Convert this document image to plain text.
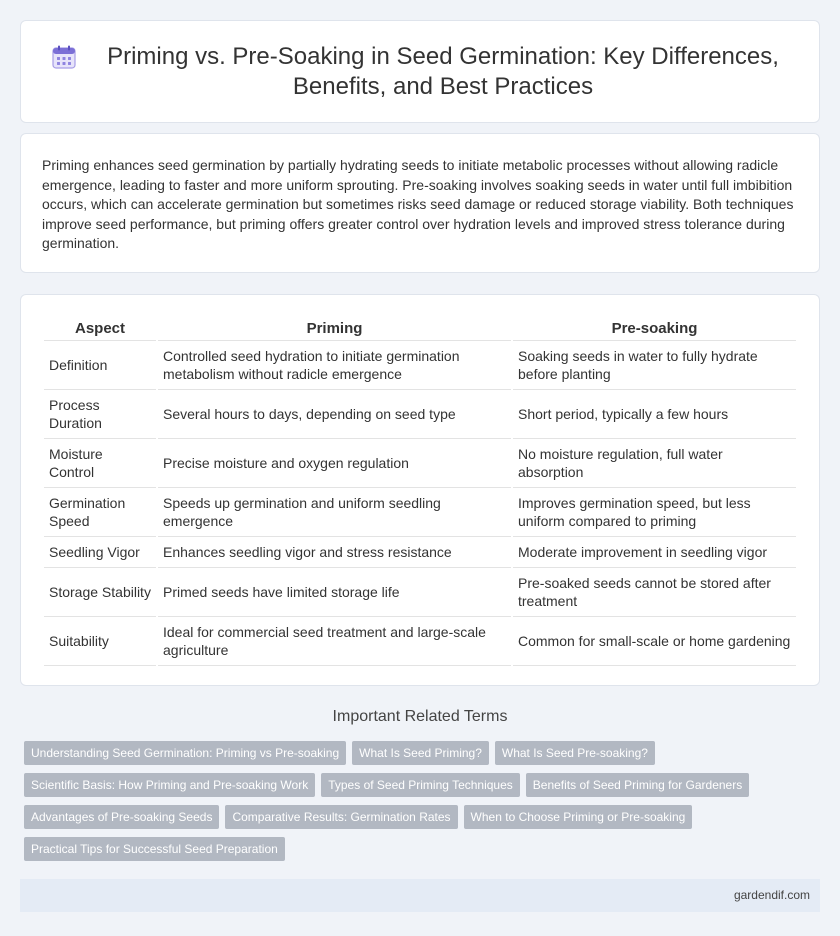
Priming vs. Pre-Soaking in Seed Germination: Key Differences, Benefits, and Best Practices

Priming enhances seed germination by partially hydrating seeds to initiate metabolic processes without allowing radicle emergence, leading to faster and more uniform sprouting. Pre-soaking involves soaking seeds in water until full imbibition occurs, which can accelerate germination but sometimes risks seed damage or reduced storage viability. Both techniques improve seed performance, but priming offers greater control over hydration levels and improved stress tolerance during germination.

Aspect	Priming	Pre-soaking
Definition	Controlled seed hydration to initiate germination metabolism without radicle emergence	Soaking seeds in water to fully hydrate before planting
Process Duration	Several hours to days, depending on seed type	Short period, typically a few hours
Moisture Control	Precise moisture and oxygen regulation	No moisture regulation, full water absorption
Germination Speed	Speeds up germination and uniform seedling emergence	Improves germination speed, but less uniform compared to priming
Seedling Vigor	Enhances seedling vigor and stress resistance	Moderate improvement in seedling vigor
Storage Stability	Primed seeds have limited storage life	Pre-soaked seeds cannot be stored after treatment
Suitability	Ideal for commercial seed treatment and large-scale agriculture	Common for small-scale or home gardening
Important Related Terms
Understanding Seed Germination: Priming vs Pre-soaking	What Is Seed Priming?	What Is Seed Pre-soaking?
Scientific Basis: How Priming and Pre-soaking Work	Types of Seed Priming Techniques	Benefits of Seed Priming for Gardeners
Advantages of Pre-soaking Seeds	Comparative Results: Germination Rates	When to Choose Priming or Pre-soaking
Practical Tips for Successful Seed Preparation
gardendif.com
